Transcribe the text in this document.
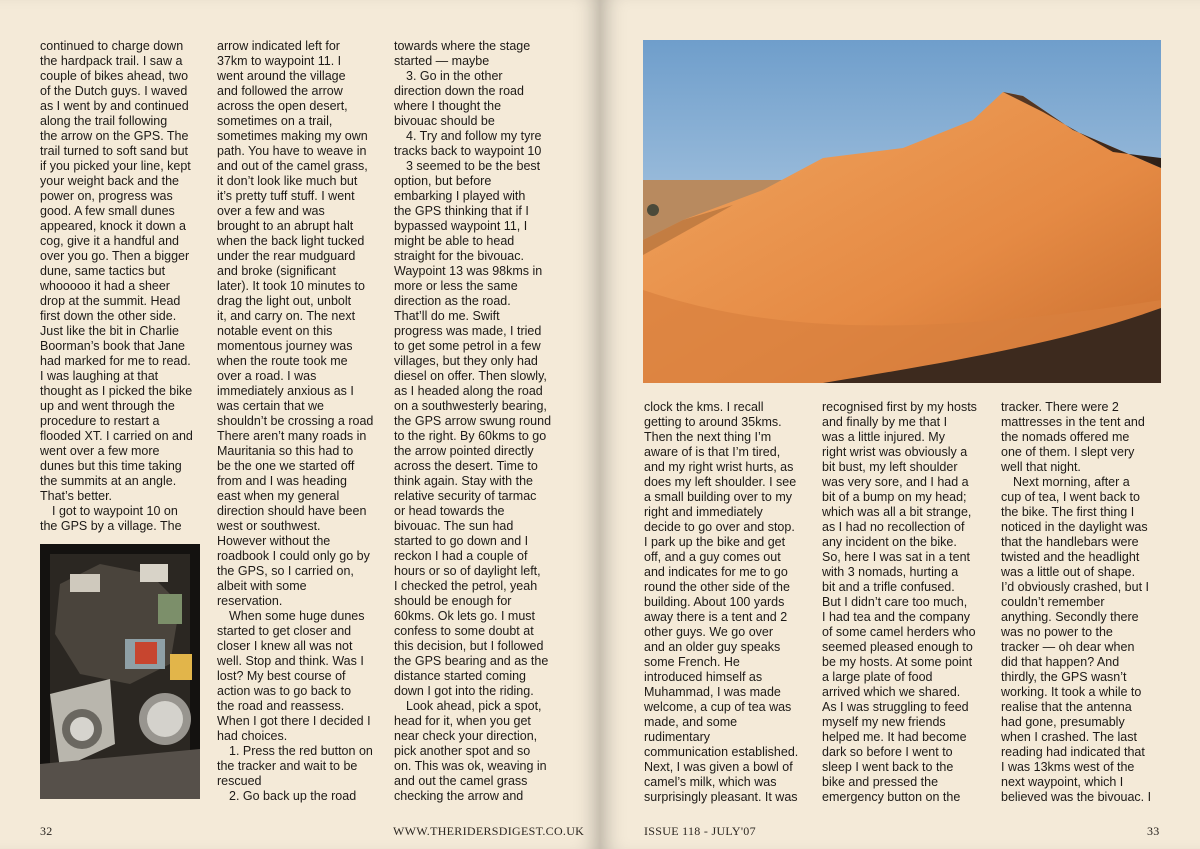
continued to charge down
the hardpack trail. I saw a
couple of bikes ahead, two
of the Dutch guys. I waved
as I went by and continued
along the trail following
the arrow on the GPS. The
trail turned to soft sand but
if you picked your line, kept
your weight back and the
power on, progress was
good. A few small dunes
appeared, knock it down a
cog, give it a handful and
over you go. Then a bigger
dune, same tactics but
whooooo it had a sheer
drop at the summit. Head
first down the other side.
Just like the bit in Charlie
Boorman’s book that Jane
had marked for me to read.
I was laughing at that
thought as I picked the bike
up and went through the
procedure to restart a
flooded XT. I carried on and
went over a few more
dunes but this time taking
the summits at an angle.
That’s better.

I got to waypoint 10 on
the GPS by a village. The

arrow indicated left for
37km to waypoint 11. I
went around the village
and followed the arrow
across the open desert,
sometimes on a trail,
sometimes making my own
path. You have to weave in
and out of the camel grass,
it don’t look like much but
it’s pretty tuff stuff. I went
over a few and was
brought to an abrupt halt
when the back light tucked
under the rear mudguard
and broke (significant
later). It took 10 minutes to
drag the light out, unbolt
it, and carry on. The next
notable event on this
momentous journey was
when the route took me
over a road. I was
immediately anxious as I
was certain that we
shouldn’t be crossing a road
There aren’t many roads in
Mauritania so this had to
be the one we started off
from and I was heading
east when my general
direction should have been
west or southwest.
However without the
roadbook I could only go by
the GPS, so I carried on,
albeit with some
reservation.

When some huge dunes
started to get closer and
closer I knew all was not
well. Stop and think. Was I
lost? My best course of
action was to go back to
the road and reassess.
When I got there I decided I
had choices.

1. Press the red button on
the tracker and wait to be
rescued

2. Go back up the road

towards where the stage
started — maybe

3. Go in the other
direction down the road
where I thought the
bivouac should be

4. Try and follow my tyre
tracks back to waypoint 10

3 seemed to be the best
option, but before
embarking I played with
the GPS thinking that if I
bypassed waypoint 11, I
might be able to head
straight for the bivouac.
Waypoint 13 was 98kms in
more or less the same
direction as the road.
That’ll do me. Swift
progress was made, I tried
to get some petrol in a few
villages, but they only had
diesel on offer. Then slowly,
as I headed along the road
on a southwesterly bearing,
the GPS arrow swung round
to the right. By 60kms to go
the arrow pointed directly
across the desert. Time to
think again. Stay with the
relative security of tarmac
or head towards the
bivouac. The sun had
started to go down and I
reckon I had a couple of
hours or so of daylight left,
I checked the petrol, yeah
should be enough for
60kms. Ok lets go. I must
confess to some doubt at
this decision, but I followed
the GPS bearing and as the
distance started coming
down I got into the riding.

Look ahead, pick a spot,
head for it, when you get
near check your direction,
pick another spot and so
on. This was ok, weaving in
and out the camel grass
checking the arrow and

32	WWW.THERIDERSDIGEST.CO.UK

clock the kms. I recall
getting to around 35kms.
Then the next thing I’m
aware of is that I’m tired,
and my right wrist hurts, as
does my left shoulder. I see
a small building over to my
right and immediately
decide to go over and stop.
I park up the bike and get
off, and a guy comes out
and indicates for me to go
round the other side of the
building. About 100 yards
away there is a tent and 2
other guys. We go over
and an older guy speaks
some French. He
introduced himself as
Muhammad, I was made
welcome, a cup of tea was
made, and some
rudimentary
communication established.
Next, I was given a bowl of
camel’s milk, which was
surprisingly pleasant. It was

recognised first by my hosts
and finally by me that I
was a little injured. My
right wrist was obviously a
bit bust, my left shoulder
was very sore, and I had a
bit of a bump on my head;
which was all a bit strange,
as I had no recollection of
any incident on the bike.
So, here I was sat in a tent
with 3 nomads, hurting a
bit and a trifle confused.
But I didn’t care too much,
I had tea and the company
of some camel herders who
seemed pleased enough to
be my hosts. At some point
a large plate of food
arrived which we shared.
As I was struggling to feed
myself my new friends
helped me. It had become
dark so before I went to
sleep I went back to the
bike and pressed the
emergency button on the

tracker. There were 2
mattresses in the tent and
the nomads offered me
one of them. I slept very
well that night.

Next morning, after a
cup of tea, I went back to
the bike. The first thing I
noticed in the daylight was
that the handlebars were
twisted and the headlight
was a little out of shape.
I’d obviously crashed, but I
couldn’t remember
anything. Secondly there
was no power to the
tracker — oh dear when
did that happen? And
thirdly, the GPS wasn’t
working. It took a while to
realise that the antenna
had gone, presumably
when I crashed. The last
reading had indicated that
I was 13kms west of the
next waypoint, which I
believed was the bivouac. I

ISSUE 118 - JULY'07	33
